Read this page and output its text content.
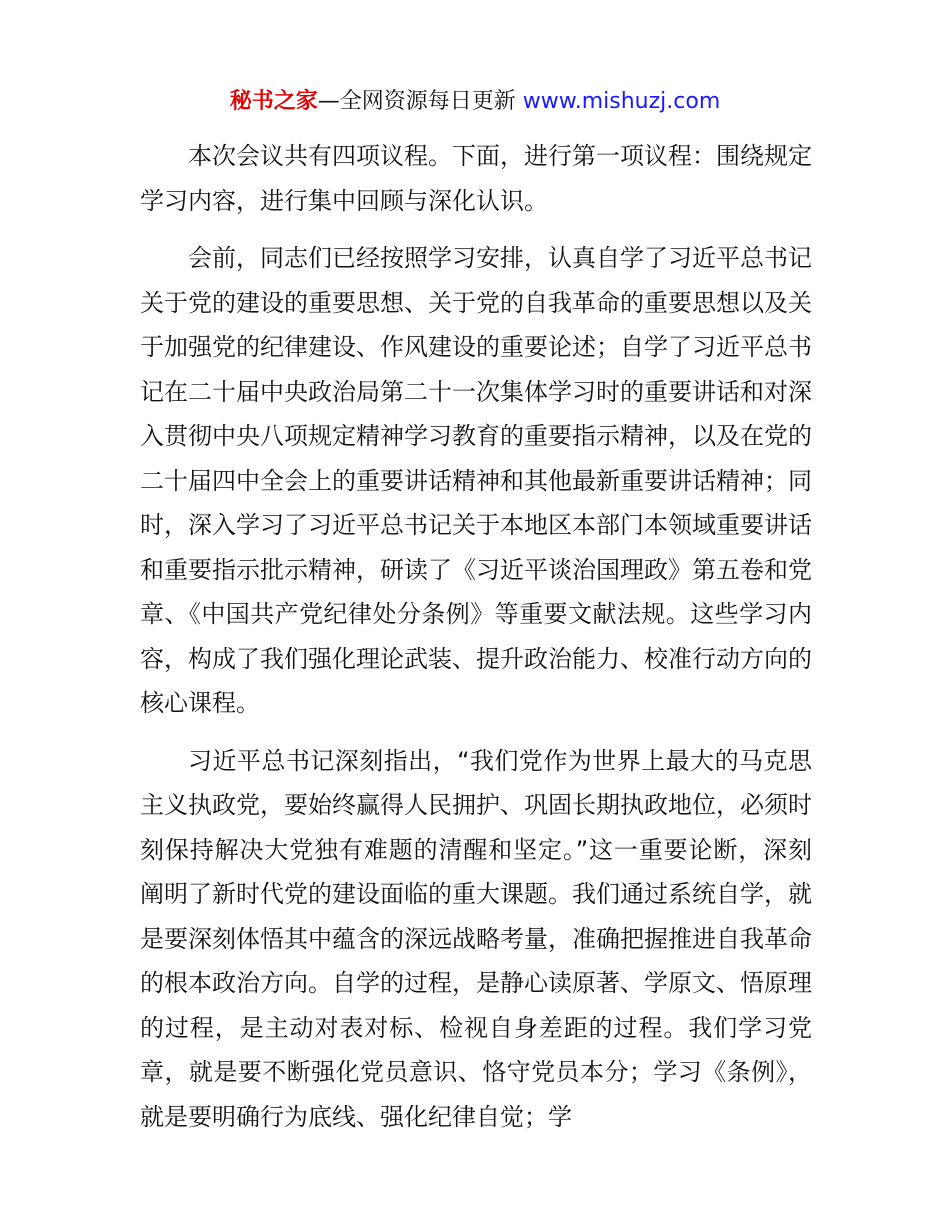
秘书之家—全网资源每日更新 www.mishuzj.com

本次会议共有四项议程。下面，进行第一项议程：围绕规定学习内容，进行集中回顾与深化认识。

会前，同志们已经按照学习安排，认真自学了习近平总书记关于党的建设的重要思想、关于党的自我革命的重要思想以及关于加强党的纪律建设、作风建设的重要论述；自学了习近平总书记在二十届中央政治局第二十一次集体学习时的重要讲话和对深入贯彻中央八项规定精神学习教育的重要指示精神，以及在党的二十届四中全会上的重要讲话精神和其他最新重要讲话精神；同时，深入学习了习近平总书记关于本地区本部门本领域重要讲话和重要指示批示精神，研读了《习近平谈治国理政》第五卷和党章、《中国共产党纪律处分条例》等重要文献法规。这些学习内容，构成了我们强化理论武装、提升政治能力、校准行动方向的核心课程。

习近平总书记深刻指出，“我们党作为世界上最大的马克思主义执政党，要始终赢得人民拥护、巩固长期执政地位，必须时刻保持解决大党独有难题的清醒和坚定。”这一重要论断，深刻阐明了新时代党的建设面临的重大课题。我们通过系统自学，就是要深刻体悟其中蕴含的深远战略考量，准确把握推进自我革命的根本政治方向。自学的过程，是静心读原著、学原文、悟原理的过程，是主动对表对标、检视自身差距的过程。我们学习党章，就是要不断强化党员意识、恪守党员本分；学习《条例》，就是要明确行为底线、强化纪律自觉；学
